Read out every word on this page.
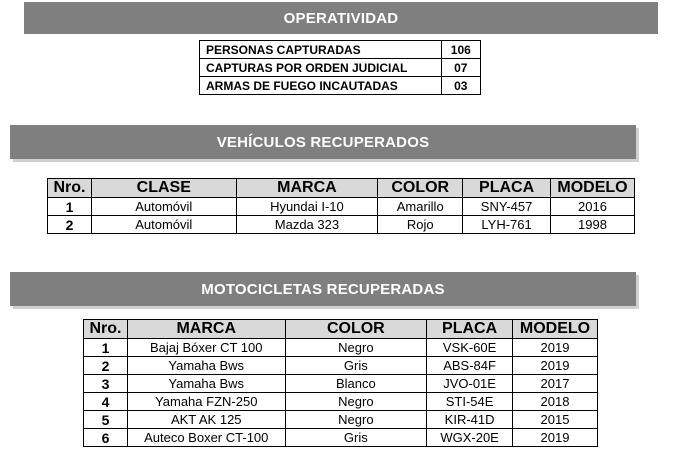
OPERATIVIDAD
PERSONAS CAPTURADAS	106
CAPTURAS POR ORDEN JUDICIAL	07
ARMAS DE FUEGO INCAUTADAS	03
VEHÍCULOS RECUPERADOS
Nro.	CLASE	MARCA	COLOR	PLACA	MODELO
1	Automóvil	Hyundai I-10	Amarillo	SNY-457	2016
2	Automóvil	Mazda 323	Rojo	LYH-761	1998
MOTOCICLETAS RECUPERADAS
Nro.	MARCA	COLOR	PLACA	MODELO
1	Bajaj Bóxer CT 100	Negro	VSK-60E	2019
2	Yamaha Bws	Gris	ABS-84F	2019
3	Yamaha Bws	Blanco	JVO-01E	2017
4	Yamaha FZN-250	Negro	STI-54E	2018
5	AKT AK 125	Negro	KIR-41D	2015
6	Auteco Boxer CT-100	Gris	WGX-20E	2019
